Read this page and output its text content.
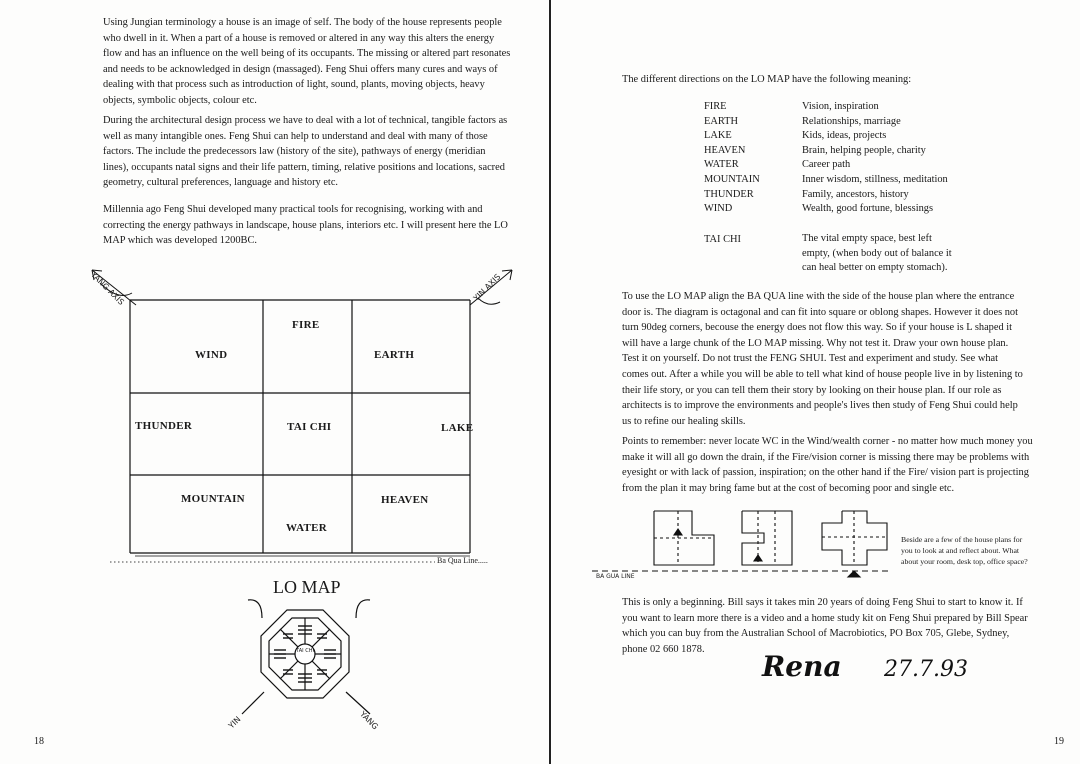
Using Jungian terminology a house is an image of self. The body of the house represents people who dwell in it. When a part of a house is removed or altered in any way this alters the energy flow and has an influence on the well being of its occupants. The missing or altered part resonates and needs to be acknowledged in design (massaged). Feng Shui offers many cures and ways of dealing with that process such as introduction of light, sound, plants, moving objects, heavy objects, symbolic objects, colour etc.

During the architectural design process we have to deal with a lot of technical, tangible factors as well as many intangible ones. Feng Shui can help to understand and deal with many of those factors. The include the predecessors law (history of the site), pathways of energy (meridian lines), occupants natal signs and their life pattern, timing, relative positions and locations, sacred geometry, cultural preferences, language and history etc.

Millennia ago Feng Shui developed many practical tools for recognising, working with and correcting the energy pathways in landscape, house plans, interiors etc. I will present here the LO MAP which was developed 1200BC.

YANG AXIS	YIN AXIS
FIRE
WIND	EARTH
THUNDER	TAI CHI	LAKE
MOUNTAIN	HEAVEN
WATER
Ba Qua Line.....
LO MAP
TAI CHI
YIN	YANG
18

The different directions on the LO MAP have the following meaning:

FIRE	Vision, inspiration
EARTH	Relationships, marriage
LAKE	Kids, ideas, projects
HEAVEN	Brain, helping people, charity
WATER	Career path
MOUNTAIN	Inner wisdom, stillness, meditation
THUNDER	Family, ancestors, history
WIND	Wealth, good fortune, blessings
TAI CHI	The vital empty space, best left empty, (when body out of balance it can heal better on empty stomach).

To use the LO MAP align the BA QUA line with the side of the house plan where the entrance door is. The diagram is octagonal and can fit into square or oblong shapes. However it does not turn 90deg corners, becouse the energy does not flow this way. So if your house is L shaped it will have a large chunk of the LO MAP missing. Why not test it. Draw your own house plan. Test it on yourself. Do not trust the FENG SHUI. Test and experiment and study. See what comes out. After a while you will be able to tell what kind of house people live in by listening to their life story, or you can tell them their story by looking on their house plan. If our role as architects is to improve the environments and people's lives then study of Feng Shui could help us to refine our healing skills.

Points to remember: never locate WC in the Wind/wealth corner - no matter how much money you make it will all go down the drain, if the Fire/vision corner is missing there may be problems with eyesight or with lack of passion, inspiration; on the other hand if the Fire/ vision part is projecting from the plan it may bring fame but at the cost of becoming poor and single etc.

BA GUA LINE
Beside are a few of the house plans for you to look at and reflect about. What about your room, desk top, office space?

This is only a beginning. Bill says it takes min 20 years of doing Feng Shui to start to know it. If you want to learn more there is a video and a home study kit on Feng Shui prepared by Bill Spear which you can buy from the Australian School of Macrobiotics, PO Box 705, Glebe, Sydney, phone 02 660 1878.

Rena 27.7.93
19
